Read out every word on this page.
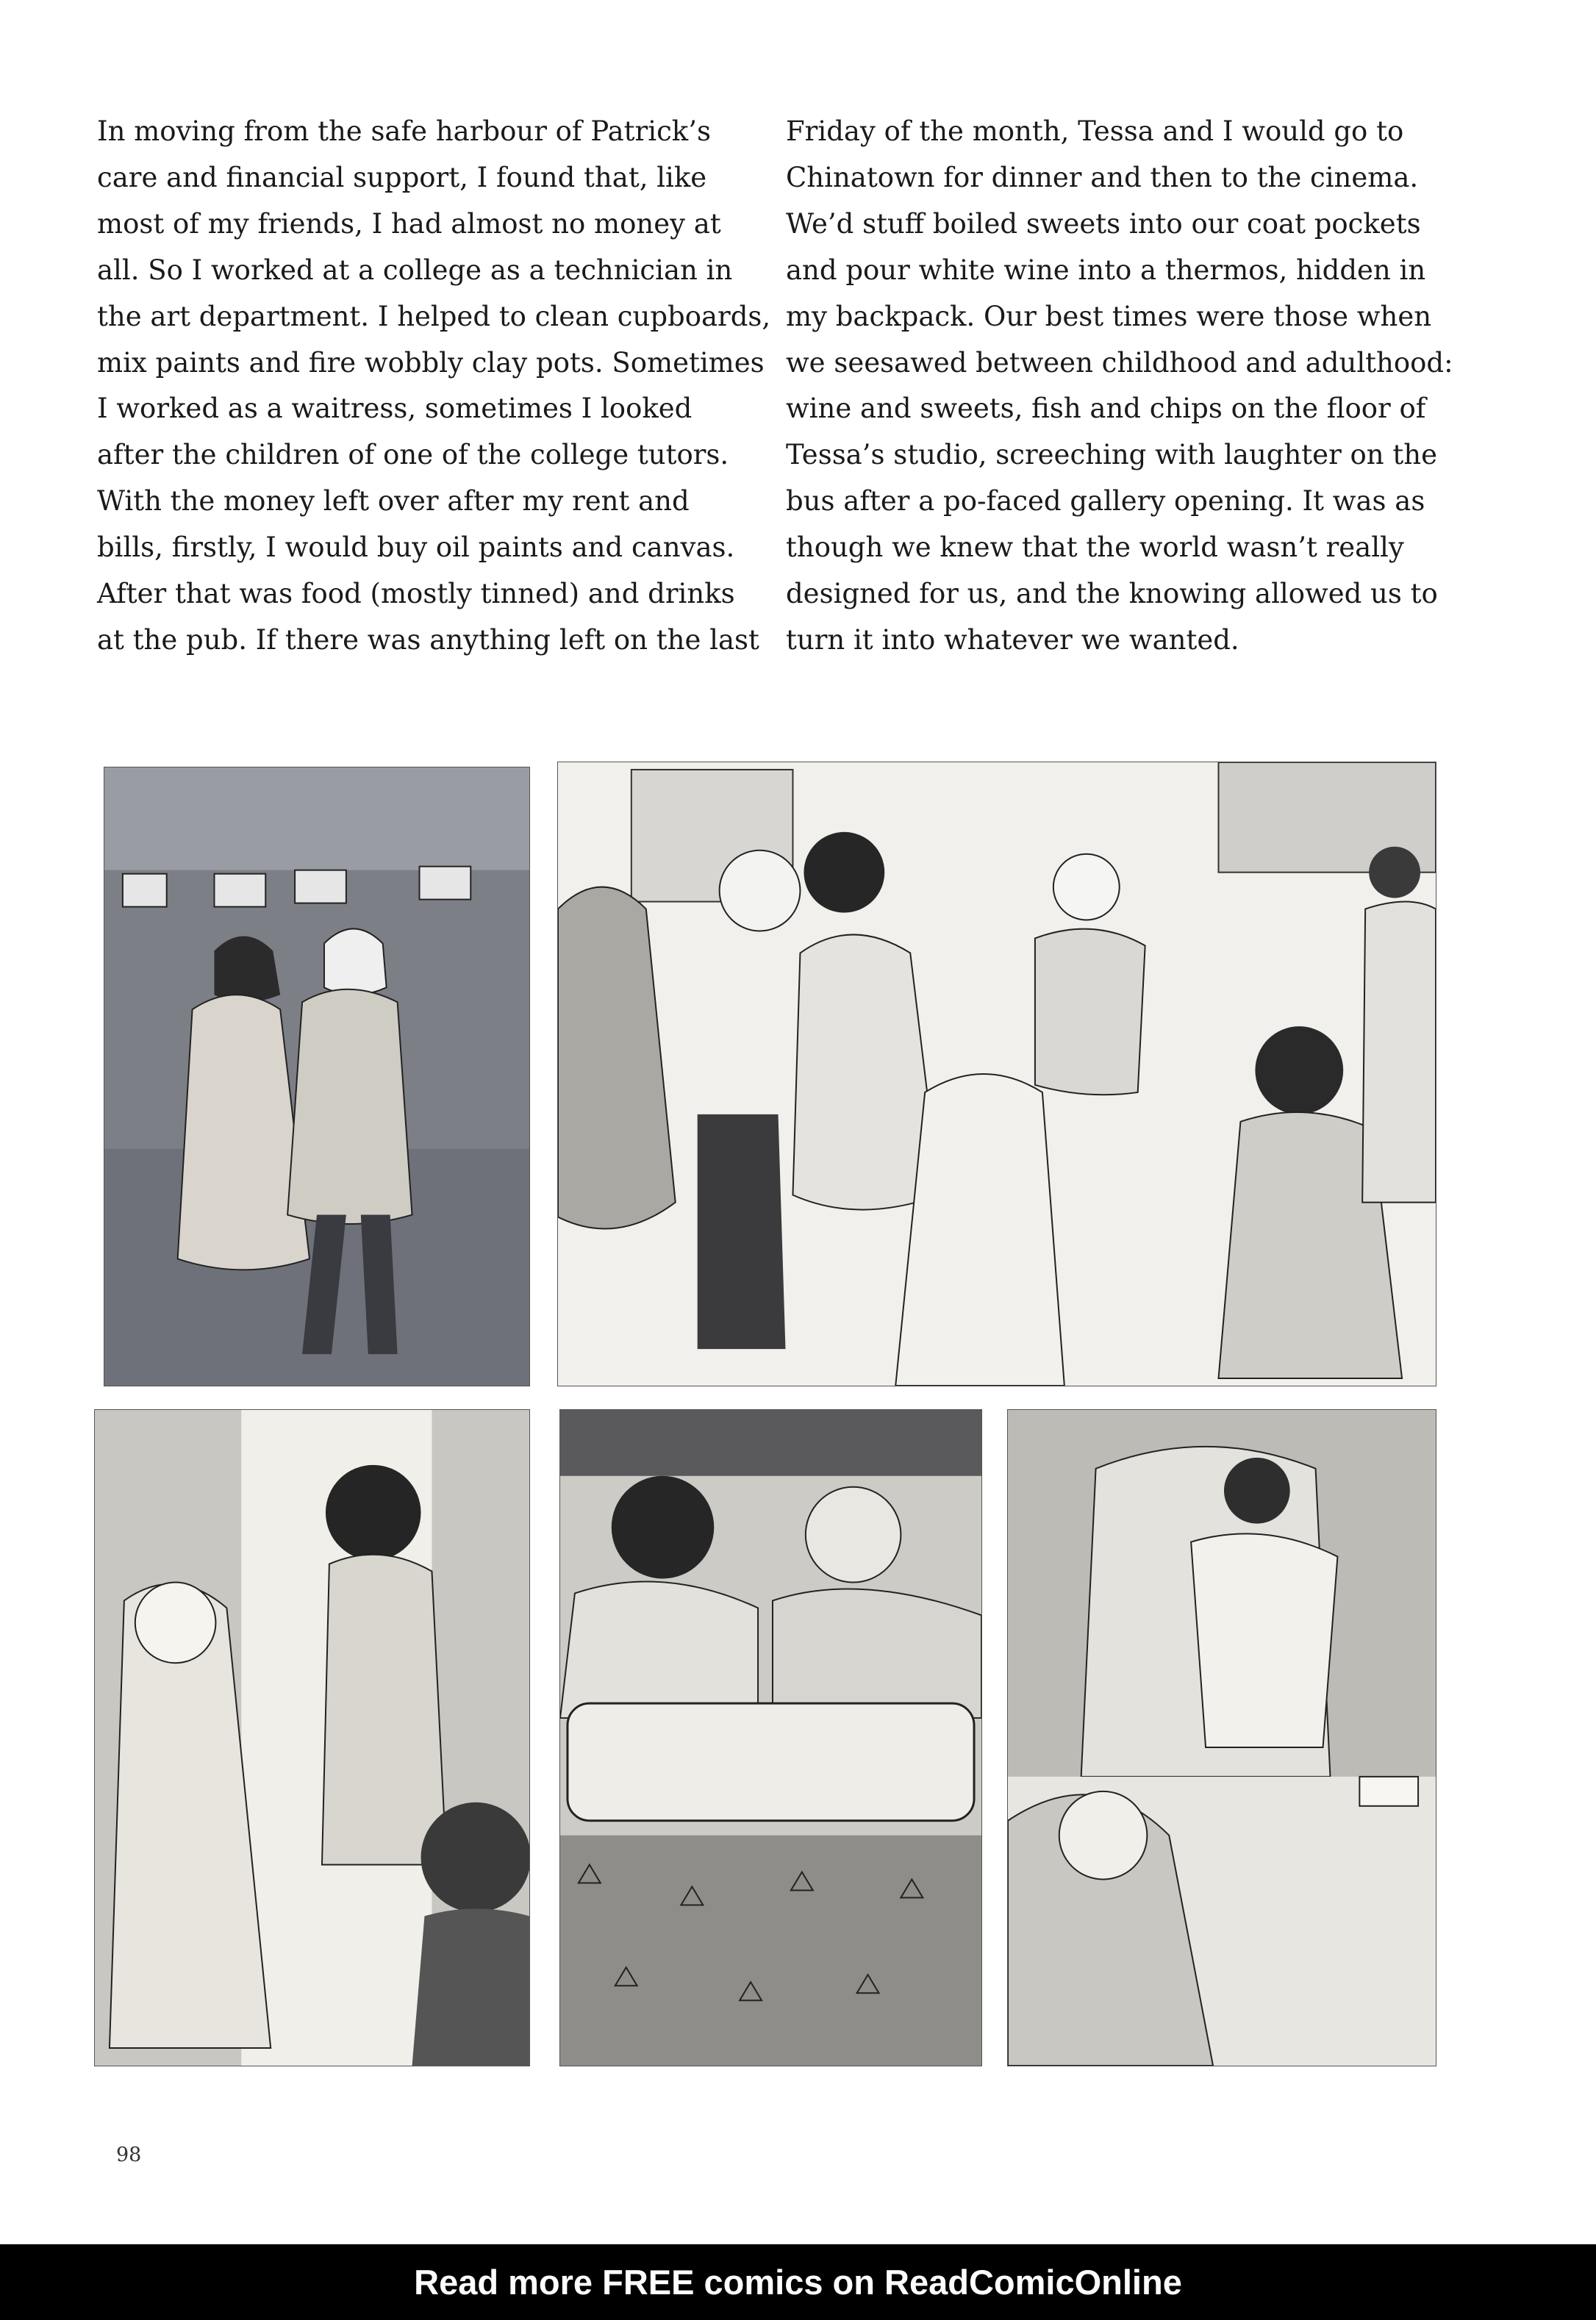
In moving from the safe harbour of Patrick’s
care and financial support, I found that, like
most of my friends, I had almost no money at
all. So I worked at a college as a technician in
the art department. I helped to clean cupboards,
mix paints and fire wobbly clay pots. Sometimes
I worked as a waitress, sometimes I looked
after the children of one of the college tutors.
With the money left over after my rent and
bills, firstly, I would buy oil paints and canvas.
After that was food (mostly tinned) and drinks
at the pub. If there was anything left on the last

Friday of the month, Tessa and I would go to
Chinatown for dinner and then to the cinema.
We’d stuff boiled sweets into our coat pockets
and pour white wine into a thermos, hidden in
my backpack. Our best times were those when
we seesawed between childhood and adulthood:
wine and sweets, fish and chips on the floor of
Tessa’s studio, screeching with laughter on the
bus after a po-faced gallery opening. It was as
though we knew that the world wasn’t really
designed for us, and the knowing allowed us to
turn it into whatever we wanted.

98
Read more FREE comics on ReadComicOnline
